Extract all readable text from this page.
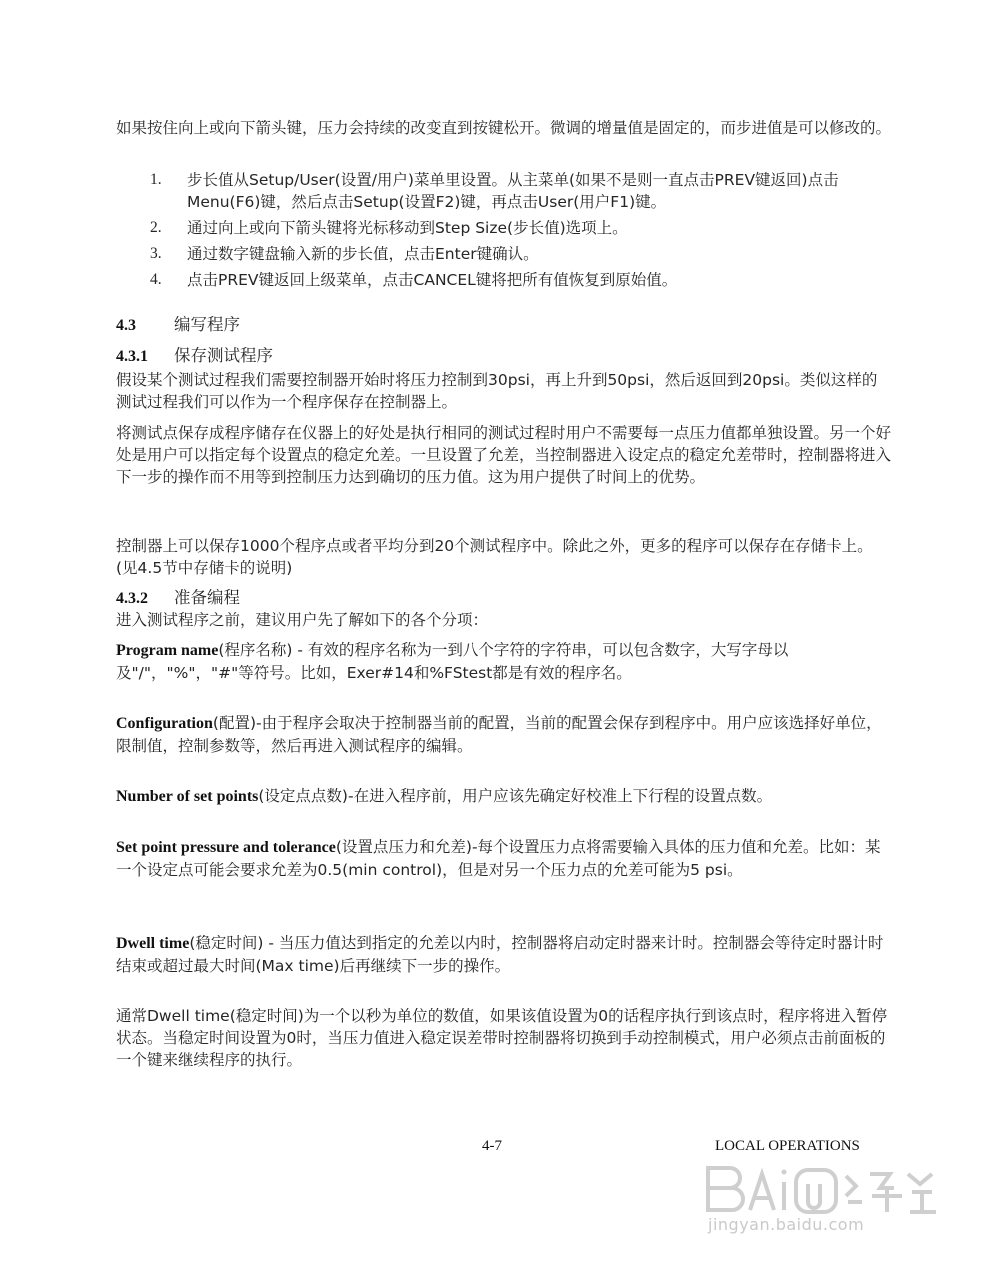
如果按住向上或向下箭头键，压力会持续的改变直到按键松开。微调的增量值是固定的，而步进值是可以修改的。

1. 步长值从Setup/User(设置/用户)菜单里设置。从主菜单(如果不是则一直点击PREV键返回)点击Menu(F6)键，然后点击Setup(设置F2)键，再点击User(用户F1)键。
2. 通过向上或向下箭头键将光标移动到Step Size(步长值)选项上。
3. 通过数字键盘输入新的步长值，点击Enter键确认。
4. 点击PREV键返回上级菜单，点击CANCEL键将把所有值恢复到原始值。
4.3 编写程序
4.3.1 保存测试程序

假设某个测试过程我们需要控制器开始时将压力控制到30psi，再上升到50psi，然后返回到20psi。类似这样的测试过程我们可以作为一个程序保存在控制器上。

将测试点保存成程序储存在仪器上的好处是执行相同的测试过程时用户不需要每一点压力值都单独设置。另一个好处是用户可以指定每个设置点的稳定允差。一旦设置了允差，当控制器进入设定点的稳定允差带时，控制器将进入下一步的操作而不用等到控制压力达到确切的压力值。这为用户提供了时间上的优势。

控制器上可以保存1000个程序点或者平均分到20个测试程序中。除此之外，更多的程序可以保存在存储卡上。(见4.5节中存储卡的说明)

4.3.2 准备编程

进入测试程序之前，建议用户先了解如下的各个分项：

Program name(程序名称) - 有效的程序名称为一到八个字符的字符串，可以包含数字，大写字母以及"/"，"%"，"#"等符号。比如，Exer#14和%FStest都是有效的程序名。

Configuration(配置)-由于程序会取决于控制器当前的配置，当前的配置会保存到程序中。用户应该选择好单位，限制值，控制参数等，然后再进入测试程序的编辑。

Number of set points(设定点点数)-在进入程序前，用户应该先确定好校准上下行程的设置点数。

Set point pressure and tolerance(设置点压力和允差)-每个设置压力点将需要输入具体的压力值和允差。比如：某一个设定点可能会要求允差为0.5(min control)，但是对另一个压力点的允差可能为5 psi。

Dwell time(稳定时间) - 当压力值达到指定的允差以内时，控制器将启动定时器来计时。控制器会等待定时器计时结束或超过最大时间(Max time)后再继续下一步的操作。

通常Dwell time(稳定时间)为一个以秒为单位的数值，如果该值设置为0的话程序执行到该点时，程序将进入暂停状态。当稳定时间设置为0时，当压力值进入稳定误差带时控制器将切换到手动控制模式，用户必须点击前面板的一个键来继续程序的执行。

4-7	LOCAL OPERATIONS
jingyan.baidu.com
